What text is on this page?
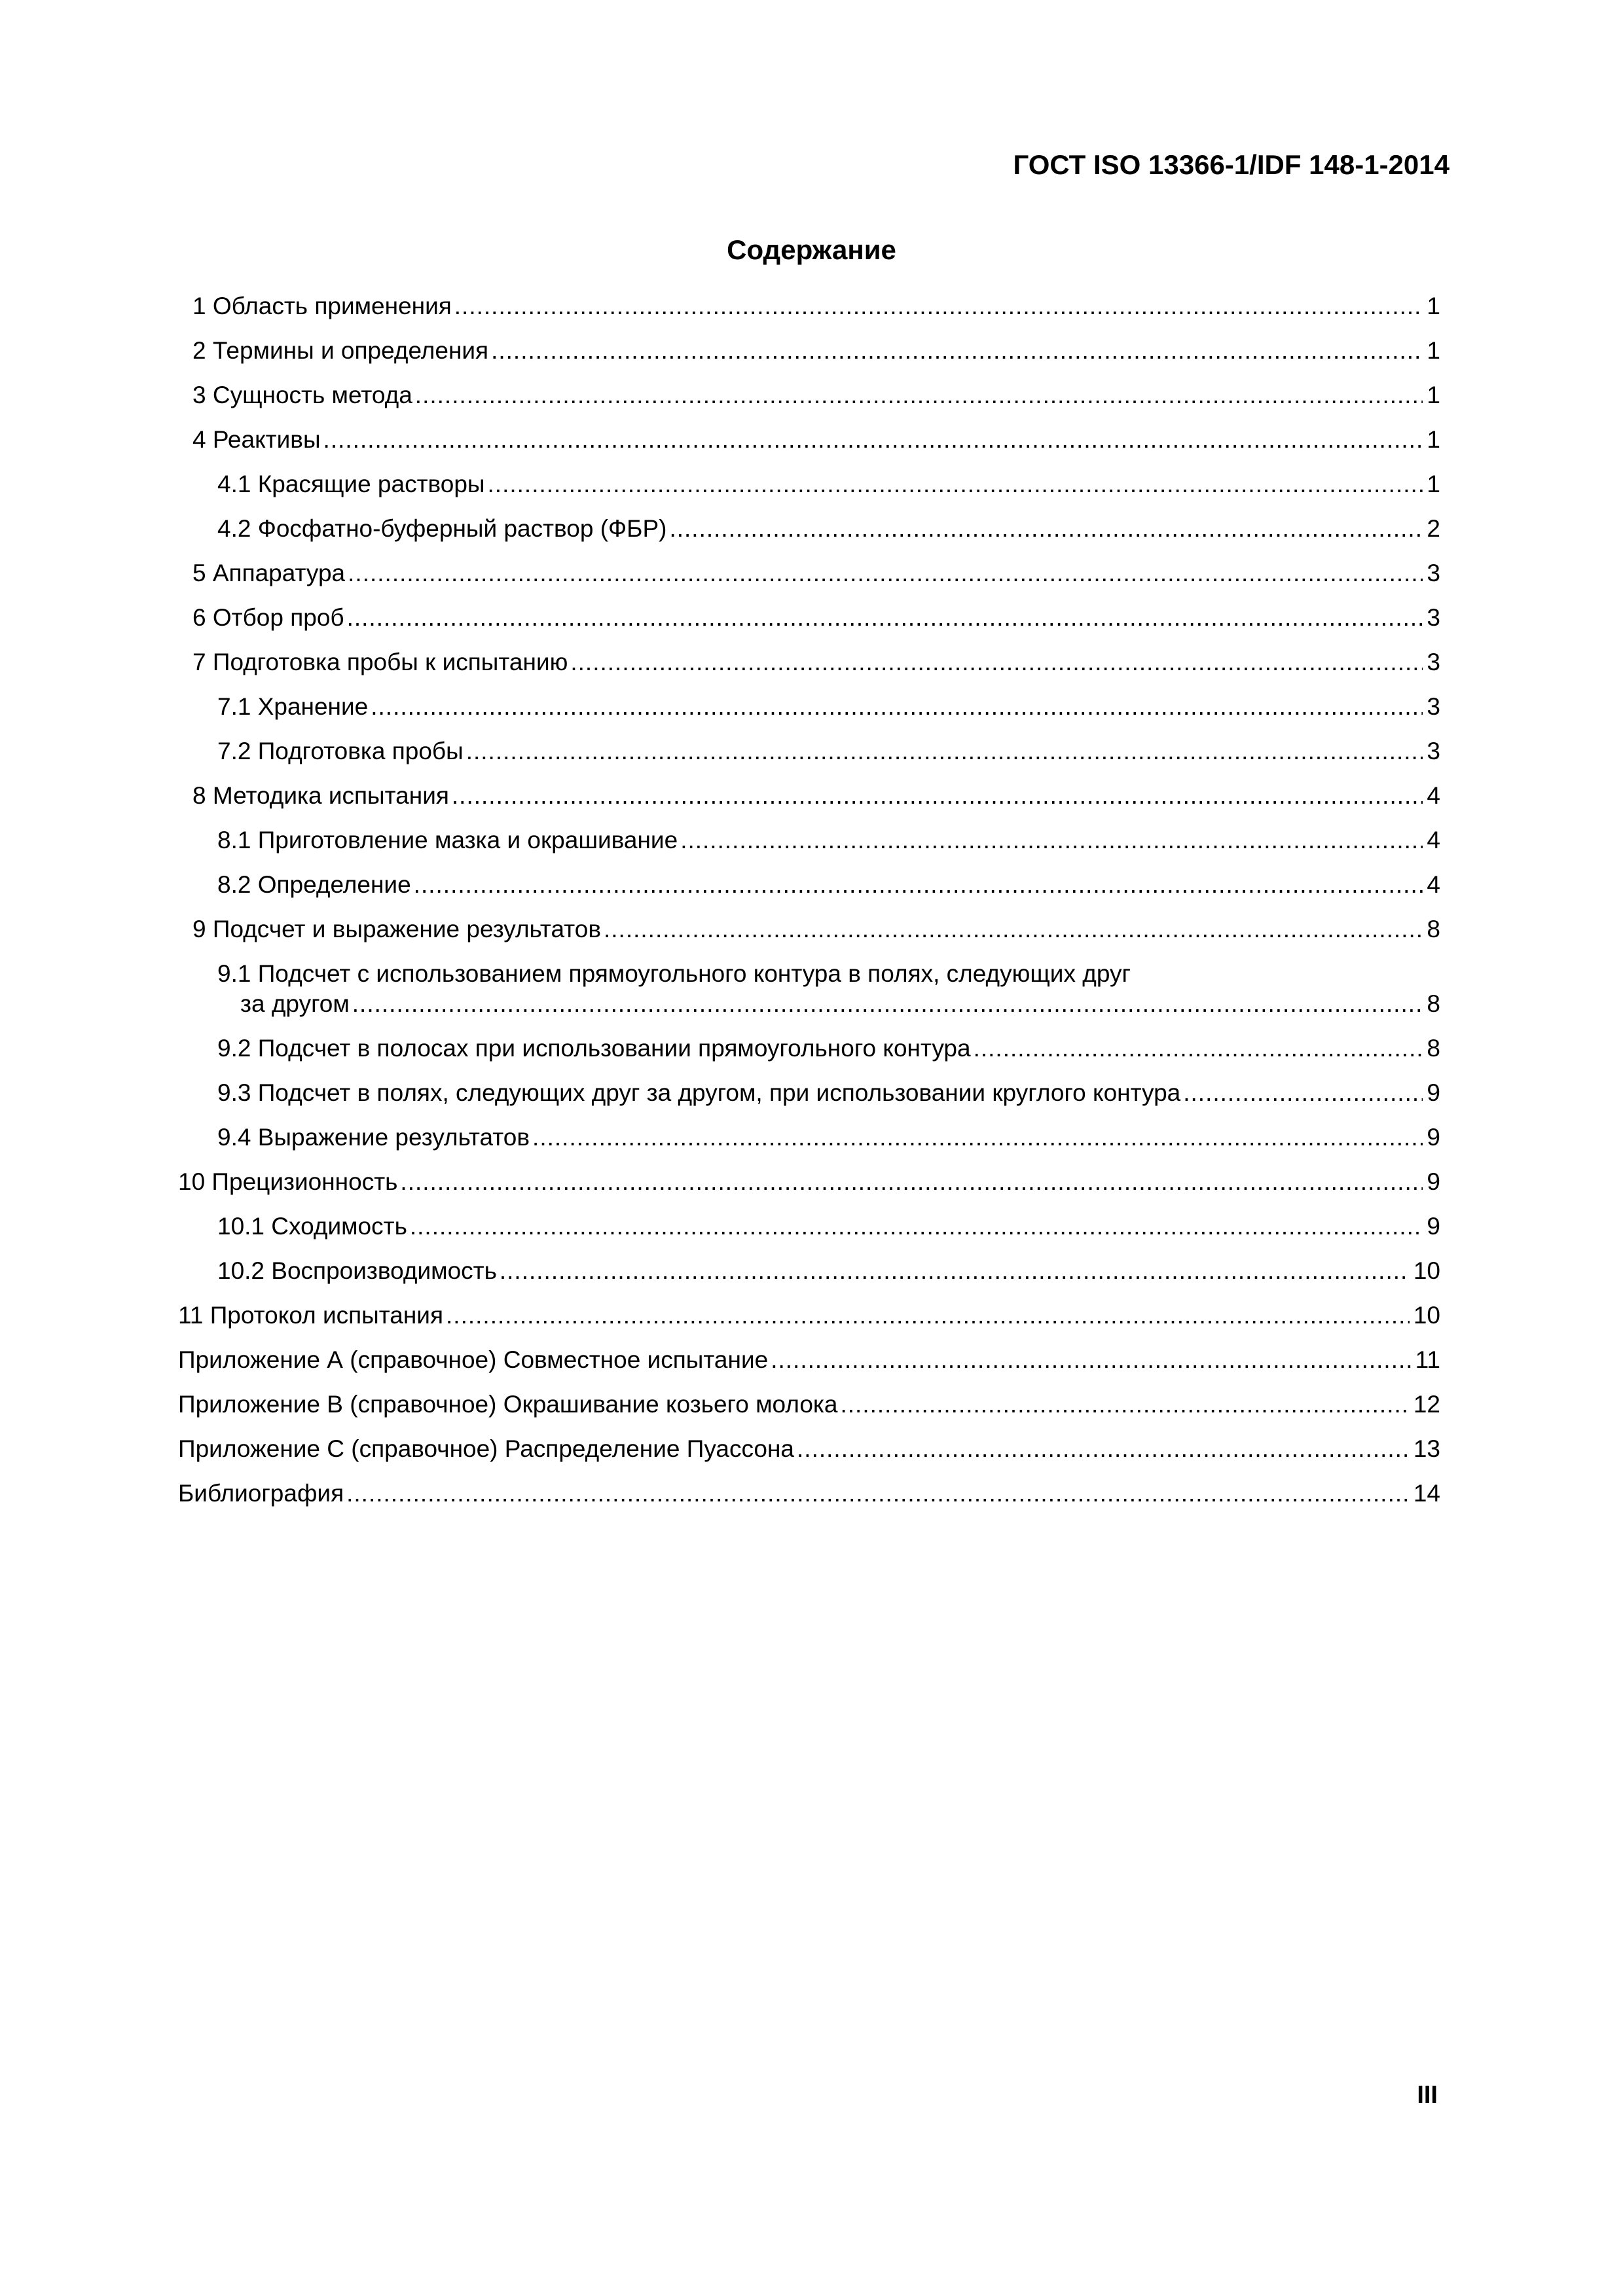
ГОСТ ISO 13366-1/IDF 148-1-2014
Содержание
1 Область применения .....	1
2 Термины и определения .....	1
3 Сущность метода .....	1
4 Реактивы .....	1
4.1 Красящие растворы .....	1
4.2 Фосфатно-буферный раствор (ФБР) .....	2
5 Аппаратура .....	3
6 Отбор проб .....	3
7 Подготовка пробы к испытанию .....	3
7.1 Хранение .....	3
7.2 Подготовка пробы .....	3
8 Методика испытания .....	4
8.1 Приготовление мазка и окрашивание .....	4
8.2 Определение .....	4
9 Подсчет и выражение результатов .....	8
9.1 Подсчет с использованием прямоугольного контура в полях, следующих друг
за другом .....	8
9.2 Подсчет в полосах при использовании прямоугольного контура .....	8
9.3 Подсчет в полях, следующих друг за другом, при использовании круглого контура .....	9
9.4 Выражение результатов .....	9
10 Прецизионность .....	9
10.1 Сходимость .....	9
10.2 Воспроизводимость .....	10
11 Протокол испытания .....	10
Приложение А (справочное) Совместное испытание .....	11
Приложение В (справочное) Окрашивание козьего молока .....	12
Приложение С (справочное) Распределение Пуассона .....	13
Библиография .....	14
III
